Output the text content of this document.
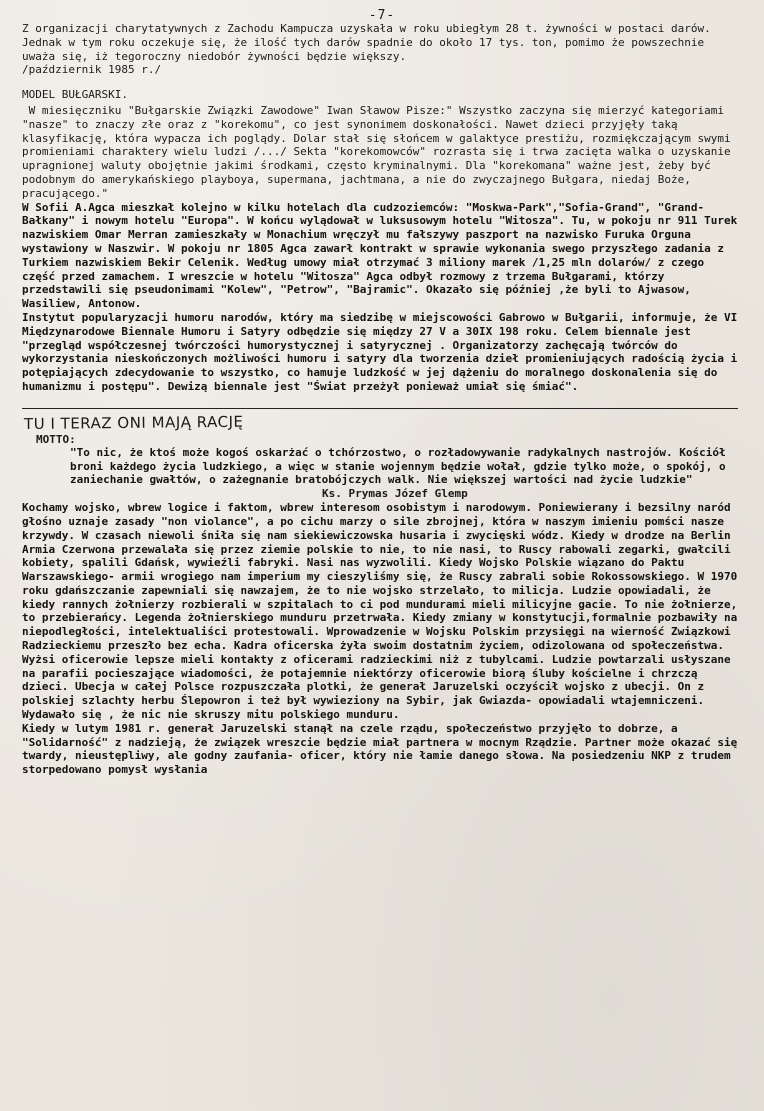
-7-

Z organizacji charytatywnych z Zachodu Kampucza uzyskała w roku ubiegłym 28 t. żywności w postaci darów. Jednak w tym roku oczekuje się, że ilość tych darów spadnie do około 17 tys. ton, pomimo że powszechnie uważa się, iż tegoroczny niedobór żywności będzie większy.

/październik 1985 r./

MODEL BUŁGARSKI.

W miesięczniku "Bułgarskie Związki Zawodowe" Iwan Sławow Pisze:" Wszystko zaczyna się mierzyć kategoriami "nasze" to znaczy złe oraz z "korekomu", co jest synonimem doskonałości. Nawet dzieci przyjęły taką klasyfikację, która wypacza ich poglądy. Dolar stał się słońcem w galaktyce prestiżu, rozmiękczającym swymi promieniami charaktery wielu ludzi /.../ Sekta "korekomowców" rozrasta się i trwa zacięta walka o uzyskanie upragnionej waluty obojętnie jakimi środkami, często kryminalnymi. Dla "korekomana" ważne jest, żeby być podobnym do amerykańskiego playboya, supermana, jachtmana, a nie do zwyczajnego Bułgara, niedaj Boże, pracującego."

W Sofii A.Agca mieszkał kolejno w kilku hotelach dla cudzoziemców: "Moskwa-Park","Sofia-Grand", "Grand-Bałkany" i nowym hotelu "Europa". W końcu wylądował w luksusowym hotelu "Witosza". Tu, w pokoju nr 911 Turek nazwiskiem Omar Merran zamieszkały w Monachium wręczył mu fałszywy paszport na nazwisko Furuka Orguna wystawiony w Naszwir. W pokoju nr 1805 Agca zawarł kontrakt w sprawie wykonania swego przyszłego zadania z Turkiem nazwiskiem Bekir Celenik. Według umowy miał otrzymać 3 miliony marek /1,25 mln dolarów/ z czego część przed zamachem. I wreszcie w hotelu "Witosza" Agca odbył rozmowy z trzema Bułgarami, którzy przedstawili się pseudonimami "Kolew", "Petrow", "Bajramic". Okazało się później ,że byli to Ajwasow, Wasiliew, Antonow.

Instytut popularyzacji humoru narodów, który ma siedzibę w miejscowości Gabrowo w Bułgarii, informuje, że VI Międzynarodowe Biennale Humoru i Satyry odbędzie się między 27 V a 30IX 198 roku. Celem biennale jest "przegląd współczesnej twórczości humorystycznej i satyrycznej . Organizatorzy zachęcają twórców do wykorzystania nieskończonych możliwości humoru i satyry dla tworzenia dzieł promieniujących radością życia i potępiających zdecydowanie to wszystko, co hamuje ludzkość w jej dążeniu do moralnego doskonalenia się do humanizmu i postępu". Dewizą biennale jest "Świat przeżył ponieważ umiał się śmiać".

TU I TERAZ ONI MAJĄ RACJĘ
MOTTO:

"To nic, że ktoś może kogoś oskarżać o tchórzostwo, o rozładowywanie radykalnych nastrojów. Kościół broni każdego życia ludzkiego, a więc w stanie wojennym będzie wołał, gdzie tylko może, o spokój, o zaniechanie gwałtów, o zażegnanie bratobójczych walk. Nie większej wartości nad życie ludzkie"

Ks. Prymas Józef Glemp

Kochamy wojsko, wbrew logice i faktom, wbrew interesom osobistym i narodowym. Poniewierany i bezsilny naród głośno uznaje zasady "non violance", a po cichu marzy o sile zbrojnej, która w naszym imieniu pomści nasze krzywdy. W czasach niewoli śniła się nam siekiewiczowska husaria i zwycięski wódz. Kiedy w drodze na Berlin Armia Czerwona przewalała się przez ziemie polskie to nie, to nie nasi, to Ruscy rabowali zegarki, gwałcili kobiety, spalili Gdańsk, wywieźli fabryki. Nasi nas wyzwolili. Kiedy Wojsko Polskie wiązano do Paktu Warszawskiego- armii wrogiego nam imperium my cieszyliśmy się, że Ruscy zabrali sobie Rokossowskiego. W 1970 roku gdańszczanie zapewniali się nawzajem, że to nie wojsko strzelało, to milicja. Ludzie opowiadali, że kiedy rannych żołnierzy rozbierali w szpitalach to ci pod mundurami mieli milicyjne gacie. To nie żołnierze, to przebierańcy. Legenda żołnierskiego munduru przetrwała. Kiedy zmiany w konstytucji,formalnie pozbawiły na niepodległości, intelektualiści protestowali. Wprowadzenie w Wojsku Polskim przysięgi na wierność Związkowi Radzieckiemu przeszło bez echa. Kadra oficerska żyła swoim dostatnim życiem, odizolowana od społeczeństwa. Wyżsi oficerowie lepsze mieli kontakty z oficerami radzieckimi niż z tubylcami. Ludzie powtarzali usłyszane na parafii pocieszające wiadomości, że potajemnie niektórzy oficerowie biorą śluby kościelne i chrzczą dzieci. Ubecja w całej Polsce rozpuszczała plotki, że generał Jaruzelski oczyścił wojsko z ubecji. On z polskiej szlachty herbu Ślepowron i też był wywieziony na Sybir, jak Gwiazda- opowiadali wtajemniczeni. Wydawało się , że nic nie skruszy mitu polskiego munduru.

Kiedy w lutym 1981 r. generał Jaruzelski stanął na czele rządu, społeczeństwo przyjęło to dobrze, a "Solidarność" z nadzieją, że związek wreszcie będzie miał partnera w mocnym Rządzie. Partner może okazać się twardy, nieustępliwy, ale godny zaufania- oficer, który nie łamie danego słowa. Na posiedzeniu NKP z trudem storpedowano pomysł wysłania
